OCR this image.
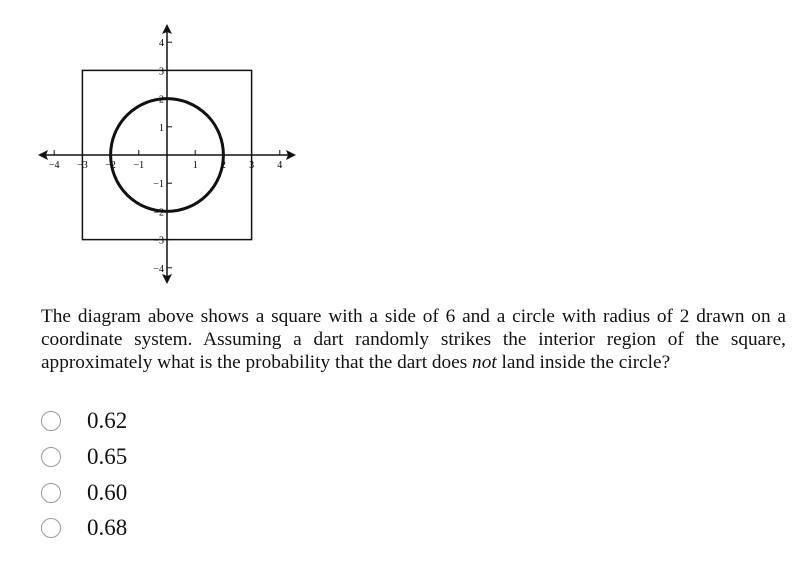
−4 −3 −2 −1	1 2 3 4
4
3
2
1
−1
−2
−3
−4

The diagram above shows a square with a side of 6 and a circle with radius of 2 drawn on a coordinate system. Assuming a dart randomly strikes the interior region of the square, approximately what is the probability that the dart does not land inside the circle?

0.62
0.65
0.60
0.68
